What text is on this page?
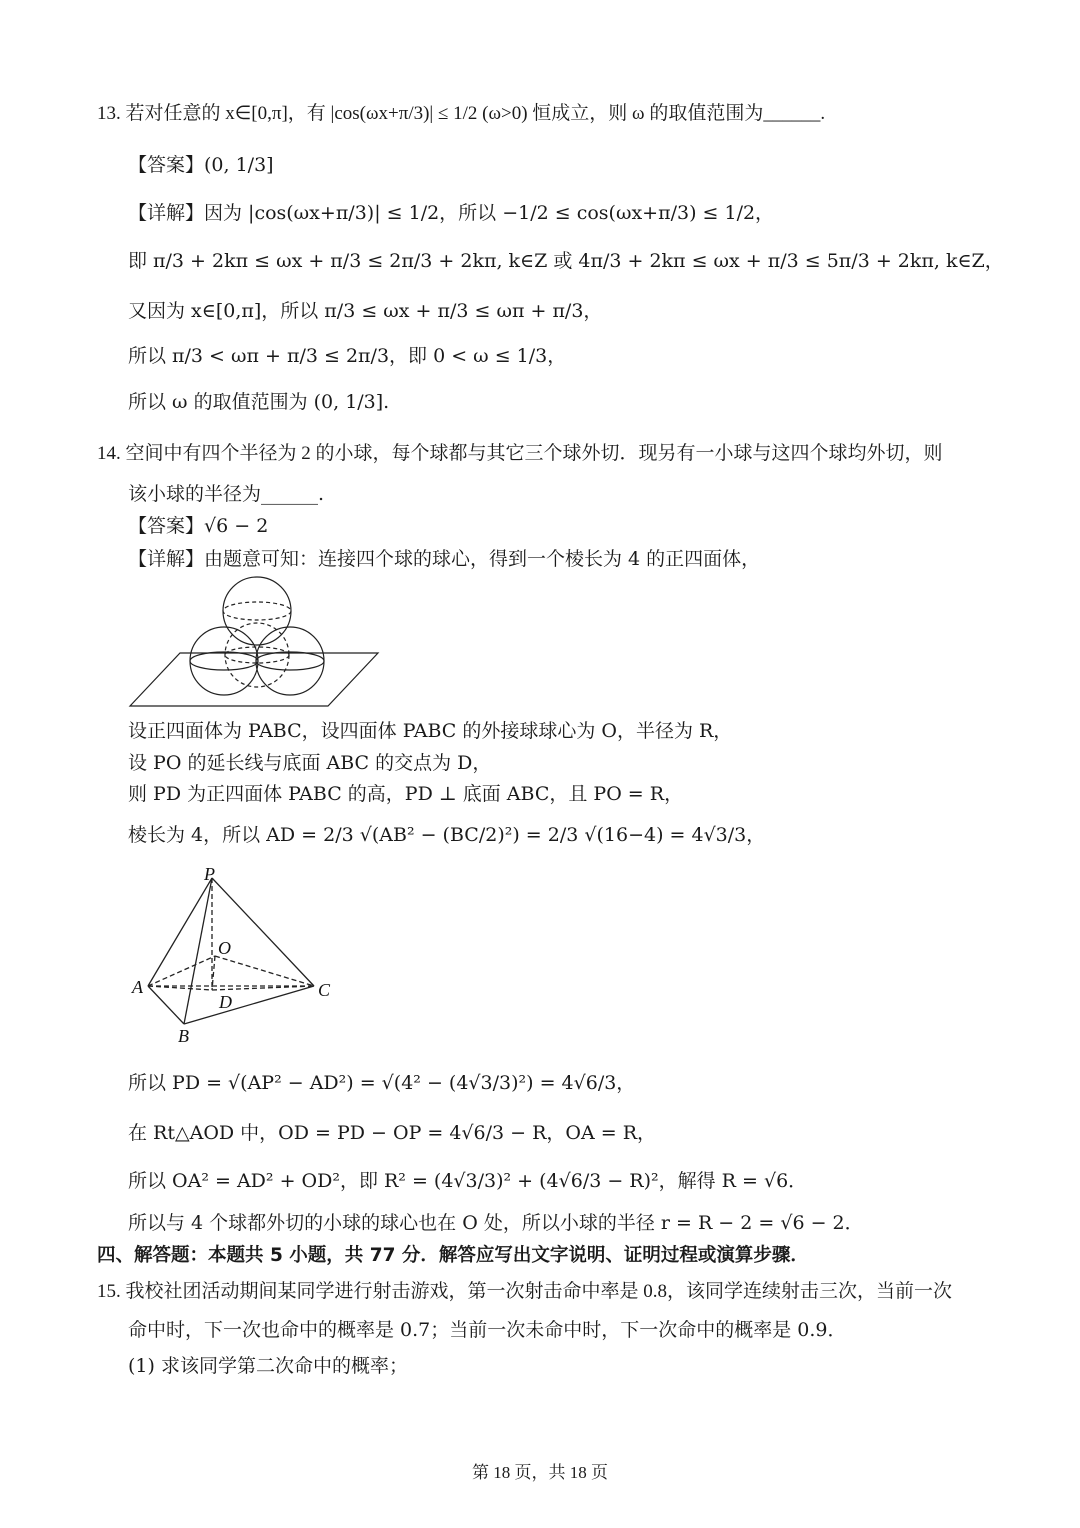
13. 若对任意的 x∈[0,π]，有 |cos(ωx+π/3)| ≤ 1/2 (ω>0) 恒成立，则 ω 的取值范围为______.
【答案】(0, 1/3]
【详解】因为 |cos(ωx+π/3)| ≤ 1/2，所以 −1/2 ≤ cos(ωx+π/3) ≤ 1/2，
即 π/3 + 2kπ ≤ ωx + π/3 ≤ 2π/3 + 2kπ, k∈Z 或 4π/3 + 2kπ ≤ ωx + π/3 ≤ 5π/3 + 2kπ, k∈Z，
又因为 x∈[0,π]，所以 π/3 ≤ ωx + π/3 ≤ ωπ + π/3，
所以 π/3 < ωπ + π/3 ≤ 2π/3，即 0 < ω ≤ 1/3，
所以 ω 的取值范围为 (0, 1/3].
14. 空间中有四个半径为 2 的小球，每个球都与其它三个球外切．现另有一小球与这四个球均外切，则
该小球的半径为______.
【答案】√6 − 2
【详解】由题意可知：连接四个球的球心，得到一个棱长为 4 的正四面体，
设正四面体为 PABC，设四面体 PABC 的外接球球心为 O，半径为 R，
设 PO 的延长线与底面 ABC 的交点为 D，
则 PD 为正四面体 PABC 的高，PD ⊥ 底面 ABC，且 PO = R，
棱长为 4，所以 AD = 2/3 √(AB² − (BC/2)²) = 2/3 √(16−4) = 4√3/3，
P
O
A
D
C
B
所以 PD = √(AP² − AD²) = √(4² − (4√3/3)²) = 4√6/3，
在 Rt△AOD 中，OD = PD − OP = 4√6/3 − R，OA = R，
所以 OA² = AD² + OD²，即 R² = (4√3/3)² + (4√6/3 − R)²，解得 R = √6．
所以与 4 个球都外切的小球的球心也在 O 处，所以小球的半径 r = R − 2 = √6 − 2．
四、解答题：本题共 5 小题，共 77 分．解答应写出文字说明、证明过程或演算步骤．
15. 我校社团活动期间某同学进行射击游戏，第一次射击命中率是 0.8，该同学连续射击三次，当前一次
命中时，下一次也命中的概率是 0.7；当前一次未命中时，下一次命中的概率是 0.9．
(1) 求该同学第二次命中的概率；
第 18 页，共 18 页
